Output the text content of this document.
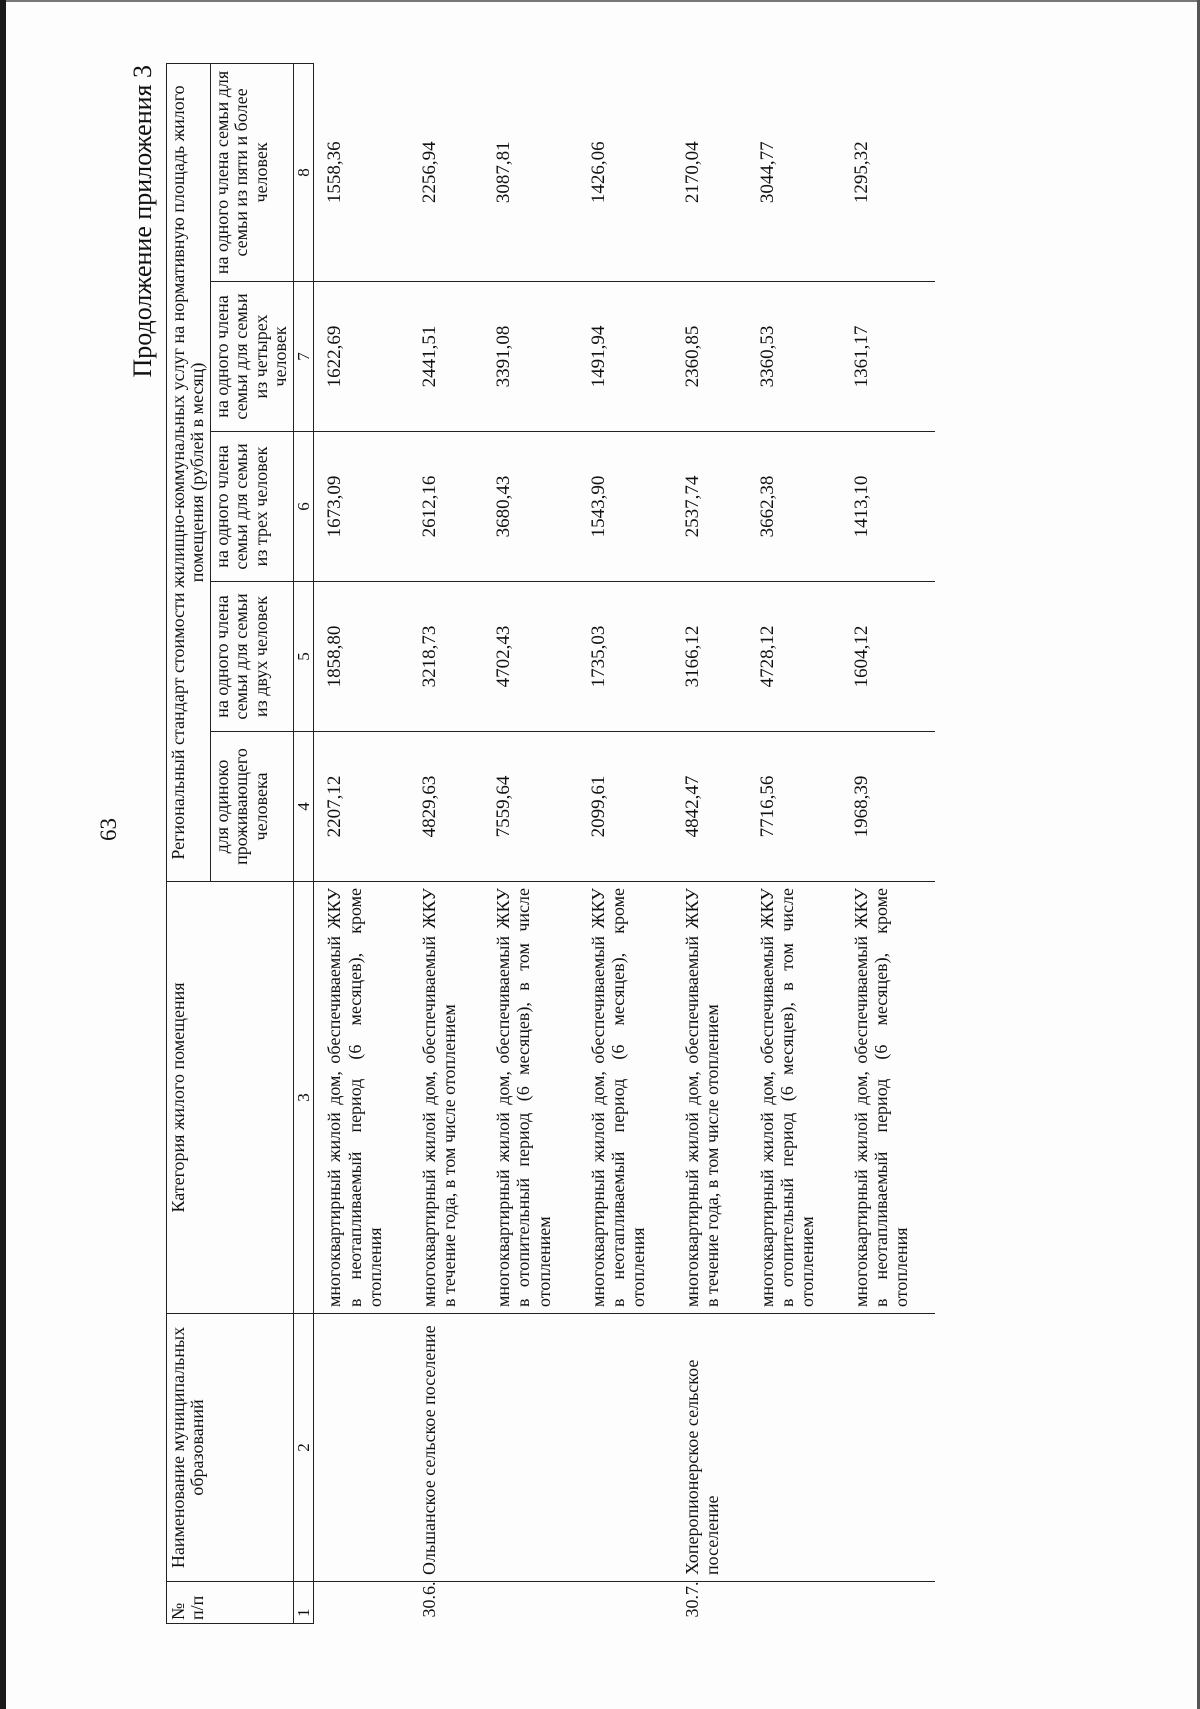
63
Продолжение приложения 3
№ п/п	Наименование муниципальных образований	Категория жилого помещения	Региональный стандарт стоимости жилищно-коммунальных услуг на нормативную площадь жилого помещения (рублей в месяц)				
			для одиноко проживающего человека	на одного члена семьи для семьи из двух человек	на одного члена семьи для семьи из трех человек	на одного члена семьи для семьи из четырех человек	на одного члена семьи для семьи из пяти и более человек
1	2	3	4	5	6	7	8
		многоквартирный жилой дом, обеспечиваемый ЖКУ в неотапливаемый период (6 месяцев), кроме отопления	2207,12	1858,80	1673,09	1622,69	1558,36
30.6.	Ольшанское сельское поселение	многоквартирный жилой дом, обеспечиваемый ЖКУ в течение года, в том числе отоплением	4829,63	3218,73	2612,16	2441,51	2256,94
		многоквартирный жилой дом, обеспечиваемый ЖКУ в отопительный период (6 месяцев), в том числе отоплением	7559,64	4702,43	3680,43	3391,08	3087,81
		многоквартирный жилой дом, обеспечиваемый ЖКУ в неотапливаемый период (6 месяцев), кроме отопления	2099,61	1735,03	1543,90	1491,94	1426,06
30.7.	Хоперопионерское сельское поселение	многоквартирный жилой дом, обеспечиваемый ЖКУ в течение года, в том числе отоплением	4842,47	3166,12	2537,74	2360,85	2170,04
		многоквартирный жилой дом, обеспечиваемый ЖКУ в отопительный период (6 месяцев), в том числе отоплением	7716,56	4728,12	3662,38	3360,53	3044,77
		многоквартирный жилой дом, обеспечиваемый ЖКУ в неотапливаемый период (6 месяцев), кроме отопления	1968,39	1604,12	1413,10	1361,17	1295,32
